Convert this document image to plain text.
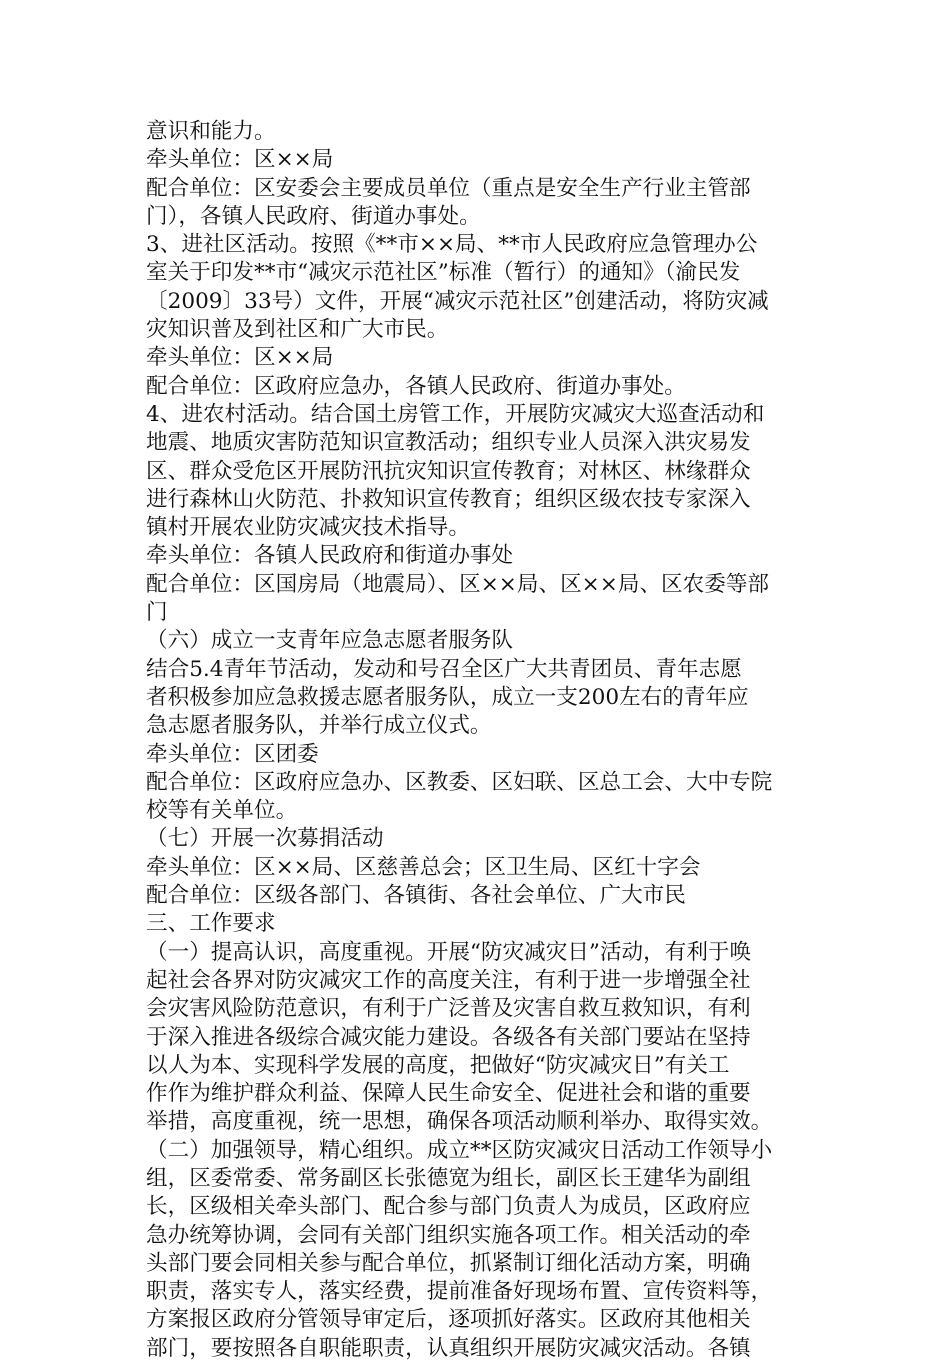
意识和能力。
牵头单位：区××局
配合单位：区安委会主要成员单位（重点是安全生产行业主管部
门），各镇人民政府、街道办事处。
3、进社区活动。按照《**市××局、**市人民政府应急管理办公
室关于印发**市“减灾示范社区”标准（暂行）的通知》（渝民发
〔2009〕33号）文件，开展“减灾示范社区”创建活动，将防灾减
灾知识普及到社区和广大市民。
牵头单位：区××局
配合单位：区政府应急办，各镇人民政府、街道办事处。
4、进农村活动。结合国土房管工作，开展防灾减灾大巡查活动和
地震、地质灾害防范知识宣教活动；组织专业人员深入洪灾易发
区、群众受危区开展防汛抗灾知识宣传教育；对林区、林缘群众
进行森林山火防范、扑救知识宣传教育；组织区级农技专家深入
镇村开展农业防灾减灾技术指导。
牵头单位：各镇人民政府和街道办事处
配合单位：区国房局（地震局）、区××局、区××局、区农委等部
门
（六）成立一支青年应急志愿者服务队
结合5.4青年节活动，发动和号召全区广大共青团员、青年志愿
者积极参加应急救援志愿者服务队，成立一支200左右的青年应
急志愿者服务队，并举行成立仪式。
牵头单位：区团委
配合单位：区政府应急办、区教委、区妇联、区总工会、大中专院
校等有关单位。
（七）开展一次募捐活动
牵头单位：区××局、区慈善总会；区卫生局、区红十字会
配合单位：区级各部门、各镇街、各社会单位、广大市民
三、工作要求
（一）提高认识，高度重视。开展“防灾减灾日”活动，有利于唤
起社会各界对防灾减灾工作的高度关注，有利于进一步增强全社
会灾害风险防范意识，有利于广泛普及灾害自救互救知识，有利
于深入推进各级综合减灾能力建设。各级各有关部门要站在坚持
以人为本、实现科学发展的高度，把做好“防灾减灾日”有关工
作作为维护群众利益、保障人民生命安全、促进社会和谐的重要
举措，高度重视，统一思想，确保各项活动顺利举办、取得实效。
（二）加强领导，精心组织。成立**区防灾减灾日活动工作领导小
组，区委常委、常务副区长张德宽为组长，副区长王建华为副组
长，区级相关牵头部门、配合参与部门负责人为成员，区政府应
急办统筹协调，会同有关部门组织实施各项工作。相关活动的牵
头部门要会同相关参与配合单位，抓紧制订细化活动方案，明确
职责，落实专人，落实经费，提前准备好现场布置、宣传资料等，
方案报区政府分管领导审定后，逐项抓好落实。区政府其他相关
部门，要按照各自职能职责，认真组织开展防灾减灾活动。各镇
